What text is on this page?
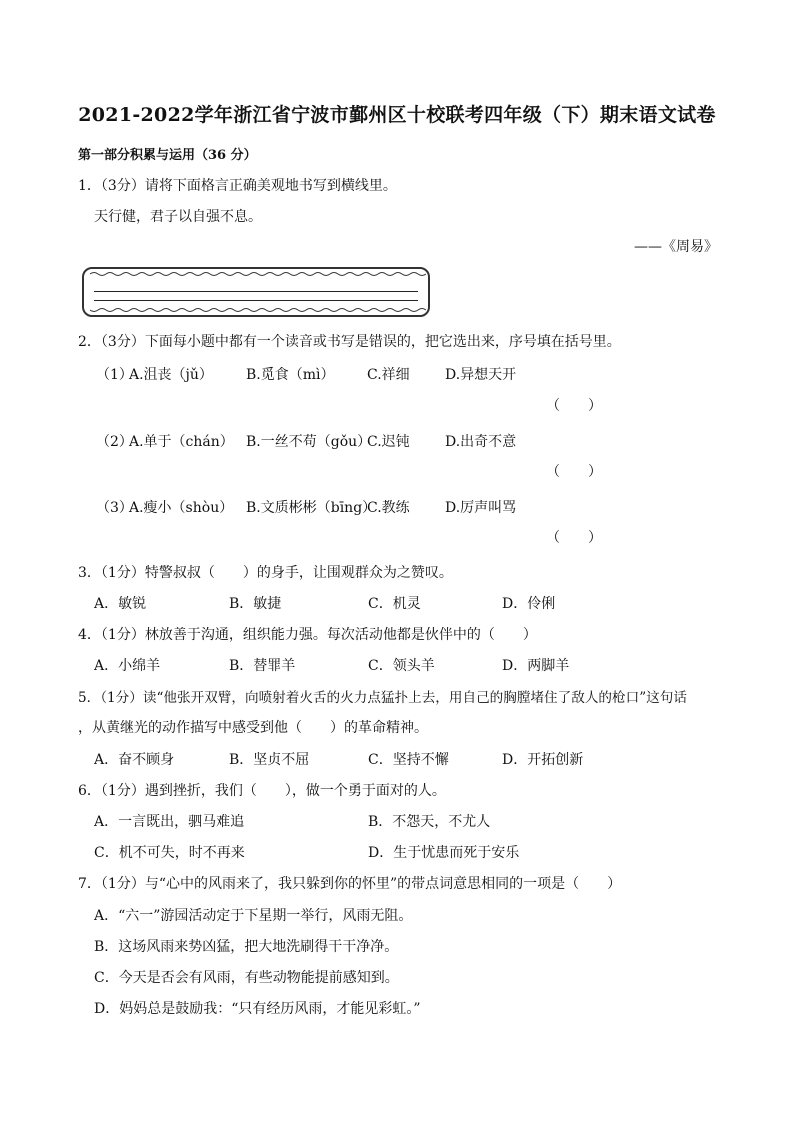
2021-2022学年浙江省宁波市鄞州区十校联考四年级（下）期末语文试卷
第一部分积累与运用（36 分）
1．（3分）请将下面格言正确美观地书写到横线里。
天行健，君子以自强不息。
——《周易》
2．（3分）下面每小题中都有一个读音或书写是错误的，把它选出来，序号填在括号里。
（1）
A.沮丧（jǔ） B.觅食（mì） C.祥细	D.异想天开
（　　）
（2）
A.单于（chán） B.一丝不苟（gǒu）
C.迟钝	D.出奇不意
（　　）
（3）
A.瘦小（shòu） B.文质彬彬（bīng）
C.教练	D.厉声叫骂
（　　）
3．（1分）特警叔叔（　　）的身手，让围观群众为之赞叹。
A．敏锐	B．敏捷	C．机灵	D．伶俐
4．（1分）林放善于沟通，组织能力强。每次活动他都是伙伴中的（　　）
A．小绵羊	B．替罪羊	C．领头羊	D．两脚羊
5．（1分）读“他张开双臂，向喷射着火舌的火力点猛扑上去，用自己的胸膛堵住了敌人的枪口”这句话
，从黄继光的动作描写中感受到他（　　）的革命精神。
A．奋不顾身	B．坚贞不屈	C．坚持不懈	D．开拓创新
6．（1分）遇到挫折，我们（　　），做一个勇于面对的人。
A．一言既出，驷马难追	B．不怨天，不尤人
C．机不可失，时不再来	D．生于忧患而死于安乐
7．（1分）与“心中的风雨来了，我只躲到你的怀里”的带点词意思相同的一项是（　　）
A．“六一”游园活动定于下星期一举行，风雨无阻。
B．这场风雨来势凶猛，把大地洗刷得干干净净。
C．今天是否会有风雨，有些动物能提前感知到。
D．妈妈总是鼓励我：“只有经历风雨，才能见彩虹。”
